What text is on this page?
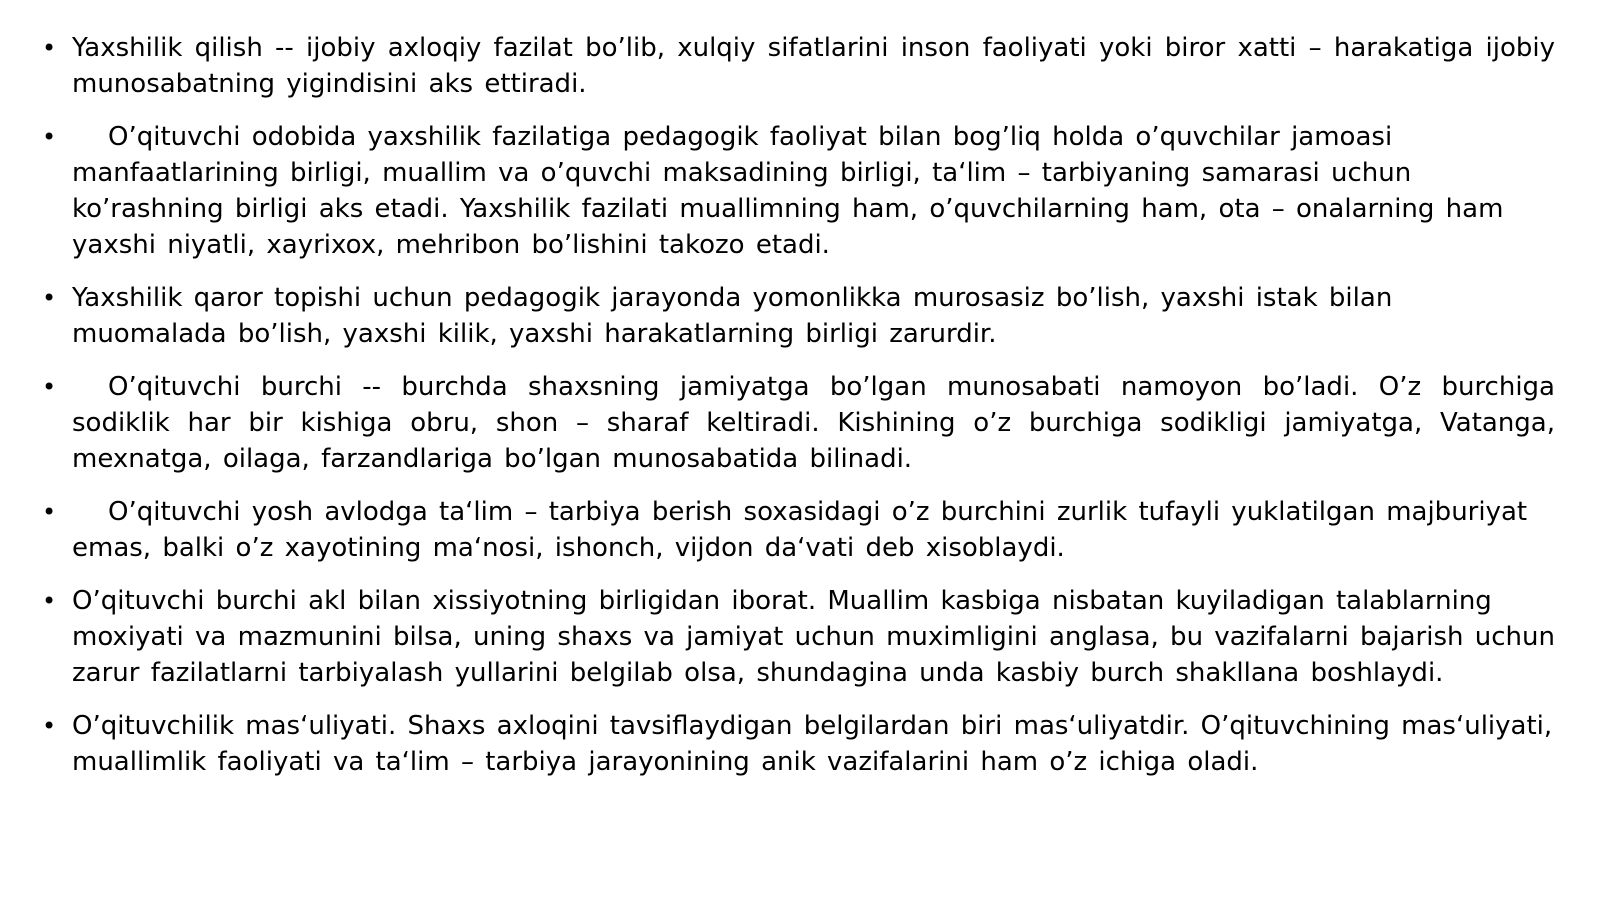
• Yaxshilik qilish -- ijobiy axloqiy fazilat bo’lib, xulqiy sifatlarini inson faoliyati yoki biror xatti – harakatiga ijobiy munosabatning yigindisini aks ettiradi.
•	O’qituvchi odobida yaxshilik fazilatiga pedagogik faoliyat bilan bog’liq holda o’quvchilar jamoasi manfaatlarining birligi, muallim va o’quvchi maksadining birligi, ta‘lim – tarbiyaning samarasi uchun ko’rashning birligi aks etadi. Yaxshilik fazilati muallimning ham, o’quvchilarning ham, ota – onalarning ham yaxshi niyatli, xayrixox, mehribon bo’lishini takozo etadi.
• Yaxshilik qaror topishi uchun pedagogik jarayonda yomonlikka murosasiz bo’lish, yaxshi istak bilan muomalada bo’lish, yaxshi kilik, yaxshi harakatlarning birligi zarurdir.
•	O’qituvchi burchi -- burchda shaxsning jamiyatga bo’lgan munosabati namoyon bo’ladi. O’z burchiga sodiklik har bir kishiga obru, shon – sharaf keltiradi. Kishining o’z burchiga sodikligi jamiyatga, Vatanga, mexnatga, oilaga, farzandlariga bo’lgan munosabatida bilinadi.
•	O’qituvchi yosh avlodga ta‘lim – tarbiya berish soxasidagi o’z burchini zurlik tufayli yuklatilgan majburiyat emas, balki o’z xayotining ma‘nosi, ishonch, vijdon da‘vati deb xisoblaydi.
• O’qituvchi burchi akl bilan xissiyotning birligidan iborat. Muallim kasbiga nisbatan kuyiladigan talablarning moxiyati va mazmunini bilsa, uning shaxs va jamiyat uchun muximligini anglasa, bu vazifalarni bajarish uchun zarur fazilatlarni tarbiyalash yullarini belgilab olsa, shundagina unda kasbiy burch shakllana boshlaydi.
• O’qituvchilik mas‘uliyati. Shaxs axloqini tavsiflaydigan belgilardan biri mas‘uliyatdir. O’qituvchining mas‘uliyati, muallimlik faoliyati va ta‘lim – tarbiya jarayonining anik vazifalarini ham o’z ichiga oladi.
